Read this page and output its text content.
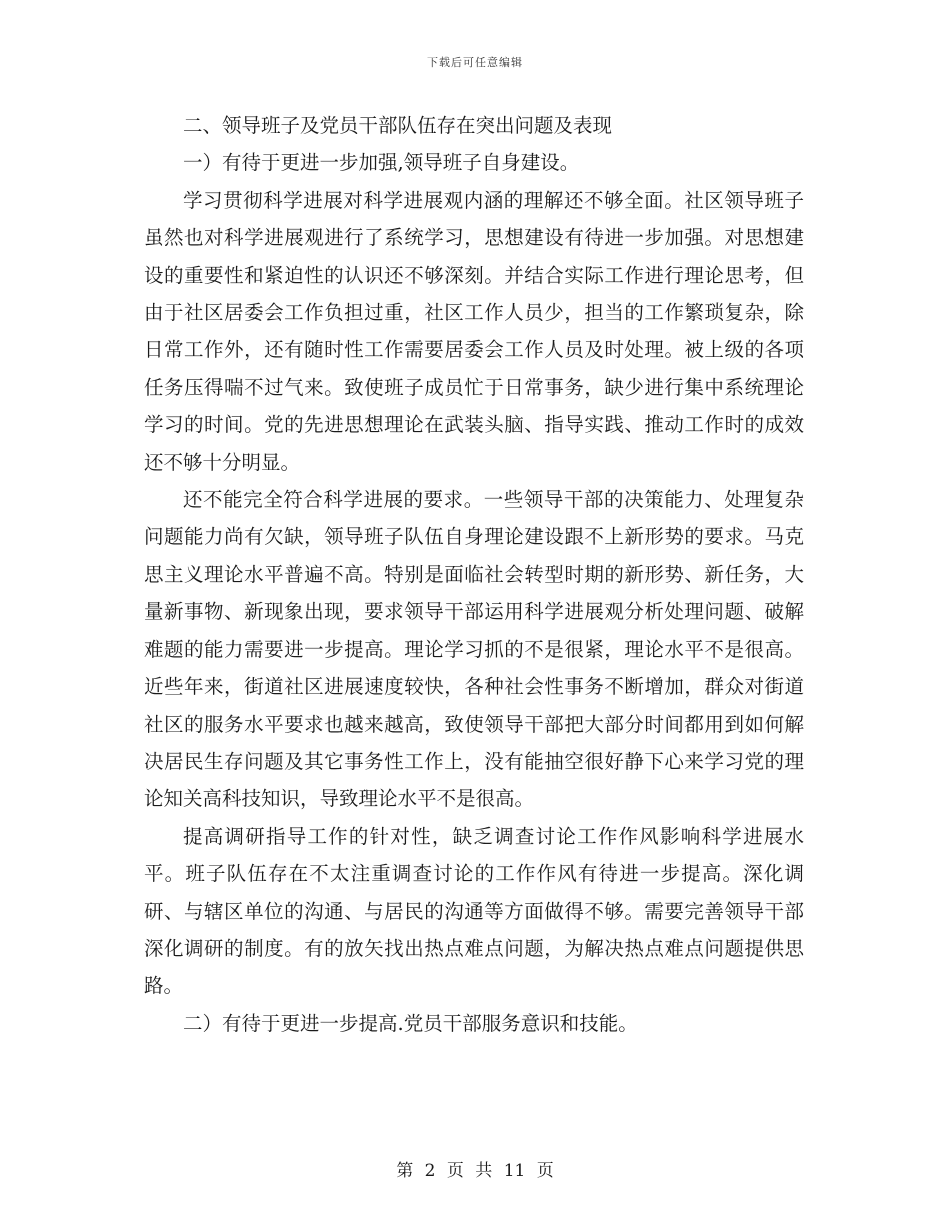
下载后可任意编辑

二、领导班子及党员干部队伍存在突出问题及表现

一）有待于更进一步加强,领导班子自身建设。

学习贯彻科学进展对科学进展观内涵的理解还不够全面。社区领导班子虽然也对科学进展观进行了系统学习，思想建设有待进一步加强。对思想建设的重要性和紧迫性的认识还不够深刻。并结合实际工作进行理论思考，但由于社区居委会工作负担过重，社区工作人员少，担当的工作繁琐复杂，除日常工作外，还有随时性工作需要居委会工作人员及时处理。被上级的各项任务压得喘不过气来。致使班子成员忙于日常事务，缺少进行集中系统理论学习的时间。党的先进思想理论在武装头脑、指导实践、推动工作时的成效还不够十分明显。

还不能完全符合科学进展的要求。一些领导干部的决策能力、处理复杂问题能力尚有欠缺，领导班子队伍自身理论建设跟不上新形势的要求。马克思主义理论水平普遍不高。特别是面临社会转型时期的新形势、新任务，大量新事物、新现象出现，要求领导干部运用科学进展观分析处理问题、破解难题的能力需要进一步提高。理论学习抓的不是很紧，理论水平不是很高。近些年来，街道社区进展速度较快，各种社会性事务不断增加，群众对街道社区的服务水平要求也越来越高，致使领导干部把大部分时间都用到如何解决居民生存问题及其它事务性工作上，没有能抽空很好静下心来学习党的理论知关高科技知识，导致理论水平不是很高。

提高调研指导工作的针对性，缺乏调查讨论工作作风影响科学进展水平。班子队伍存在不太注重调查讨论的工作作风有待进一步提高。深化调研、与辖区单位的沟通、与居民的沟通等方面做得不够。需要完善领导干部深化调研的制度。有的放矢找出热点难点问题，为解决热点难点问题提供思路。

二）有待于更进一步提高.党员干部服务意识和技能。

第 2 页 共 11 页
